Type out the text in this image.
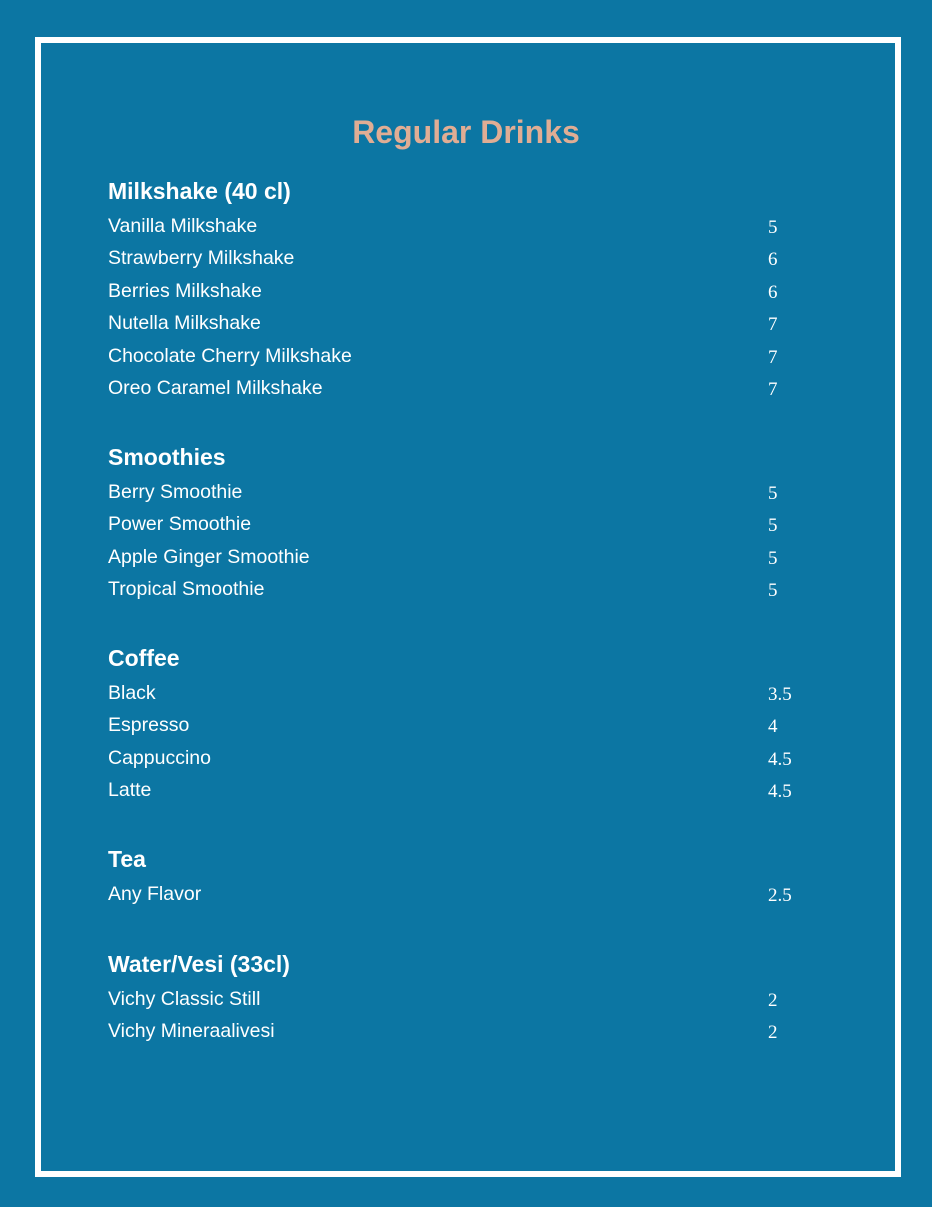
Regular Drinks
Milkshake (40 cl)
Vanilla Milkshake	5
Strawberry Milkshake	6
Berries Milkshake	6
Nutella Milkshake	7
Chocolate Cherry Milkshake	7
Oreo Caramel Milkshake	7
Smoothies
Berry Smoothie	5
Power Smoothie	5
Apple Ginger Smoothie	5
Tropical Smoothie	5
Coffee
Black	3.5
Espresso	4
Cappuccino	4.5
Latte	4.5
Tea
Any Flavor	2.5
Water/Vesi (33cl)
Vichy Classic Still	2
Vichy Mineraalivesi	2
